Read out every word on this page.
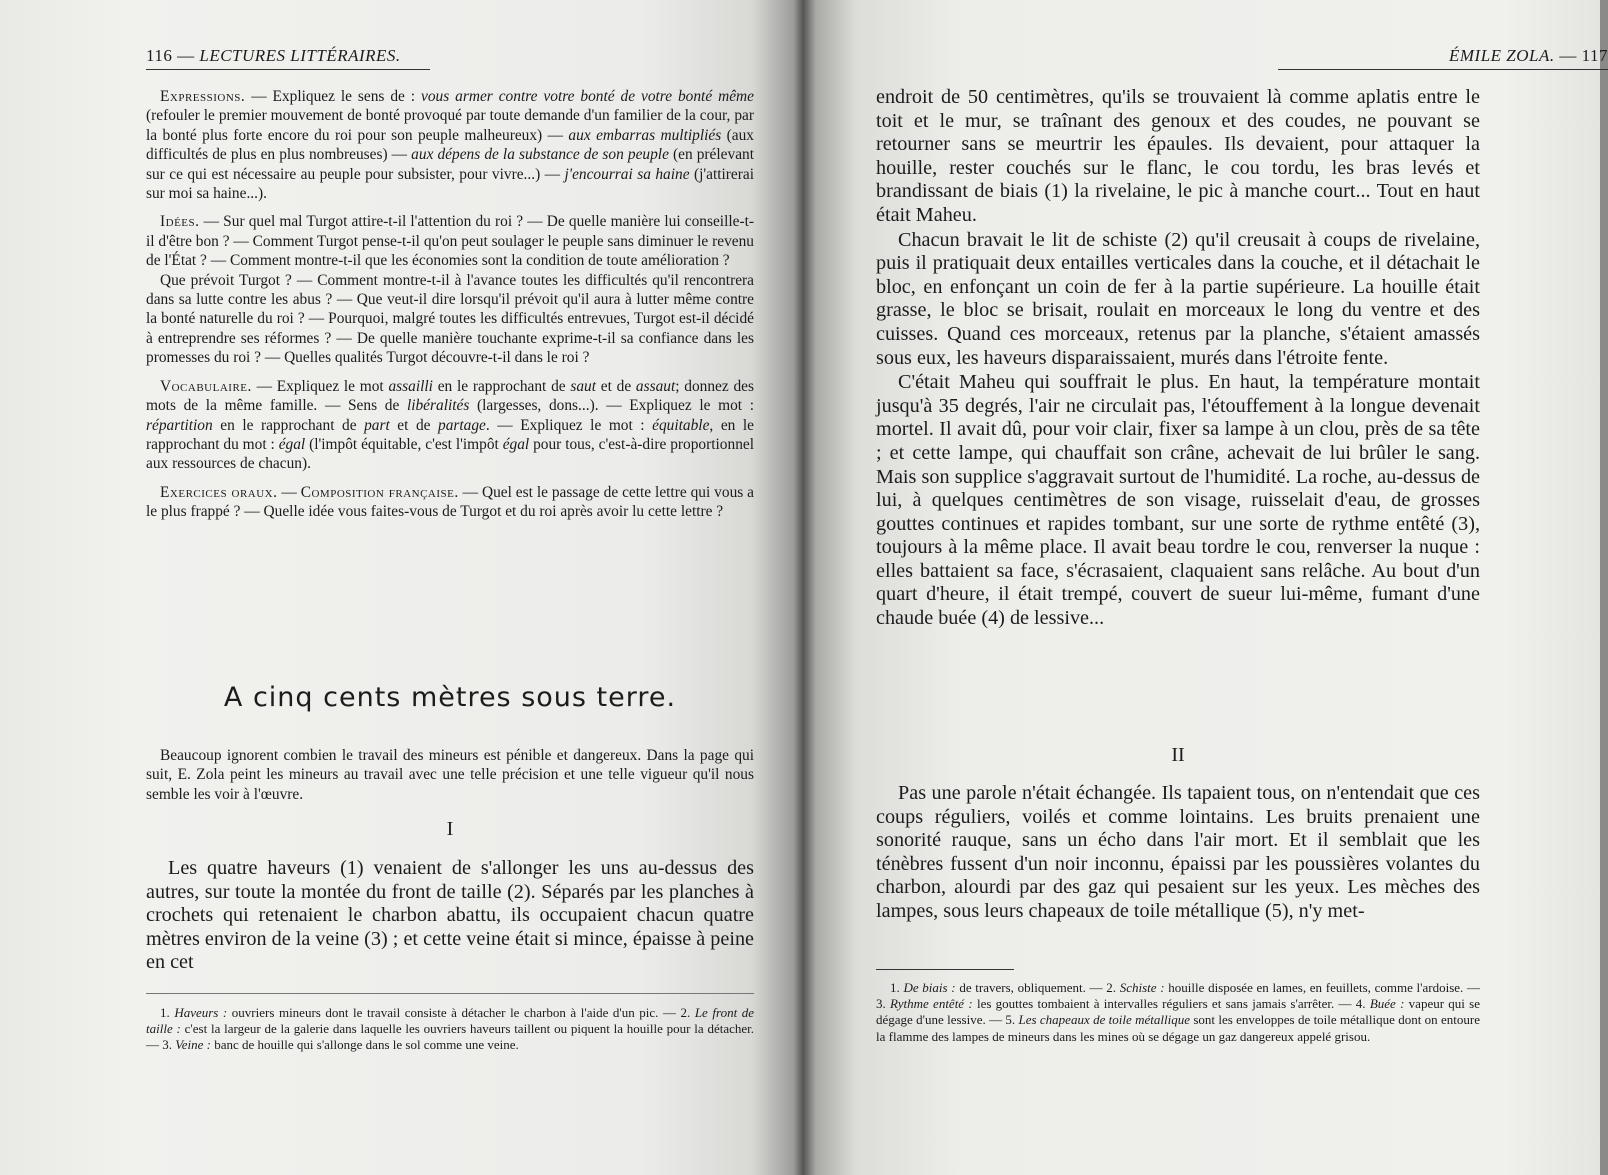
116 — LECTURES LITTÉRAIRES.

Expressions. — Expliquez le sens de : vous armer contre votre bonté de votre bonté même (refouler le premier mouvement de bonté provoqué par toute demande d'un familier de la cour, par la bonté plus forte encore du roi pour son peuple malheureux) — aux embarras multipliés (aux difficultés de plus en plus nombreuses) — aux dépens de la substance de son peuple (en prélevant sur ce qui est nécessaire au peuple pour subsister, pour vivre...) — j'encourrai sa haine (j'attirerai sur moi sa haine...).

Idées. — Sur quel mal Turgot attire-t-il l'attention du roi ? — De quelle manière lui conseille-t-il d'être bon ? — Comment Turgot pense-t-il qu'on peut soulager le peuple sans diminuer le revenu de l'État ? — Comment montre-t-il que les économies sont la condition de toute amélioration ?

Que prévoit Turgot ? — Comment montre-t-il à l'avance toutes les difficultés qu'il rencontrera dans sa lutte contre les abus ? — Que veut-il dire lorsqu'il prévoit qu'il aura à lutter même contre la bonté naturelle du roi ? — Pourquoi, malgré toutes les difficultés entrevues, Turgot est-il décidé à entreprendre ses réformes ? — De quelle manière touchante exprime-t-il sa confiance dans les promesses du roi ? — Quelles qualités Turgot découvre-t-il dans le roi ?

Vocabulaire. — Expliquez le mot assailli en le rapprochant de saut et de assaut; donnez des mots de la même famille. — Sens de libéralités (largesses, dons...). — Expliquez le mot : répartition en le rapprochant de part et de partage. — Expliquez le mot : équitable, en le rapprochant du mot : égal (l'impôt équitable, c'est l'impôt égal pour tous, c'est-à-dire proportionnel aux ressources de chacun).

Exercices oraux. — Composition française. — Quel est le passage de cette lettre qui vous a le plus frappé ? — Quelle idée vous faites-vous de Turgot et du roi après avoir lu cette lettre ?

A cinq cents mètres sous terre.

Beaucoup ignorent combien le travail des mineurs est pénible et dangereux. Dans la page qui suit, E. Zola peint les mineurs au travail avec une telle précision et une telle vigueur qu'il nous semble les voir à l'œuvre.

I

Les quatre haveurs (1) venaient de s'allonger les uns au-dessus des autres, sur toute la montée du front de taille (2). Séparés par les planches à crochets qui retenaient le charbon abattu, ils occupaient chacun quatre mètres environ de la veine (3) ; et cette veine était si mince, épaisse à peine en cet

1. Haveurs : ouvriers mineurs dont le travail consiste à détacher le charbon à l'aide d'un pic. — 2. Le front de taille : c'est la largeur de la galerie dans laquelle les ouvriers haveurs taillent ou piquent la houille pour la détacher. — 3. Veine : banc de houille qui s'allonge dans le sol comme une veine.

ÉMILE ZOLA. — 117

endroit de 50 centimètres, qu'ils se trouvaient là comme aplatis entre le toit et le mur, se traînant des genoux et des coudes, ne pouvant se retourner sans se meurtrir les épaules. Ils devaient, pour attaquer la houille, rester couchés sur le flanc, le cou tordu, les bras levés et brandissant de biais (1) la rivelaine, le pic à manche court... Tout en haut était Maheu.

Chacun bravait le lit de schiste (2) qu'il creusait à coups de rivelaine, puis il pratiquait deux entailles verticales dans la couche, et il détachait le bloc, en enfonçant un coin de fer à la partie supérieure. La houille était grasse, le bloc se brisait, roulait en morceaux le long du ventre et des cuisses. Quand ces morceaux, retenus par la planche, s'étaient amassés sous eux, les haveurs disparaissaient, murés dans l'étroite fente.

C'était Maheu qui souffrait le plus. En haut, la température montait jusqu'à 35 degrés, l'air ne circulait pas, l'étouffement à la longue devenait mortel. Il avait dû, pour voir clair, fixer sa lampe à un clou, près de sa tête ; et cette lampe, qui chauffait son crâne, achevait de lui brûler le sang. Mais son supplice s'aggravait surtout de l'humidité. La roche, au-dessus de lui, à quelques centimètres de son visage, ruisselait d'eau, de grosses gouttes continues et rapides tombant, sur une sorte de rythme entêté (3), toujours à la même place. Il avait beau tordre le cou, renverser la nuque : elles battaient sa face, s'écrasaient, claquaient sans relâche. Au bout d'un quart d'heure, il était trempé, couvert de sueur lui-même, fumant d'une chaude buée (4) de lessive...

II

Pas une parole n'était échangée. Ils tapaient tous, on n'entendait que ces coups réguliers, voilés et comme lointains. Les bruits prenaient une sonorité rauque, sans un écho dans l'air mort. Et il semblait que les ténèbres fussent d'un noir inconnu, épaissi par les poussières volantes du charbon, alourdi par des gaz qui pesaient sur les yeux. Les mèches des lampes, sous leurs chapeaux de toile métallique (5), n'y met-

1. De biais : de travers, obliquement. — 2. Schiste : houille disposée en lames, en feuillets, comme l'ardoise. — 3. Rythme entêté : les gouttes tombaient à intervalles réguliers et sans jamais s'arrêter. — 4. Buée : vapeur qui se dégage d'une lessive. — 5. Les chapeaux de toile métallique sont les enveloppes de toile métallique dont on entoure la flamme des lampes de mineurs dans les mines où se dégage un gaz dangereux appelé grisou.
